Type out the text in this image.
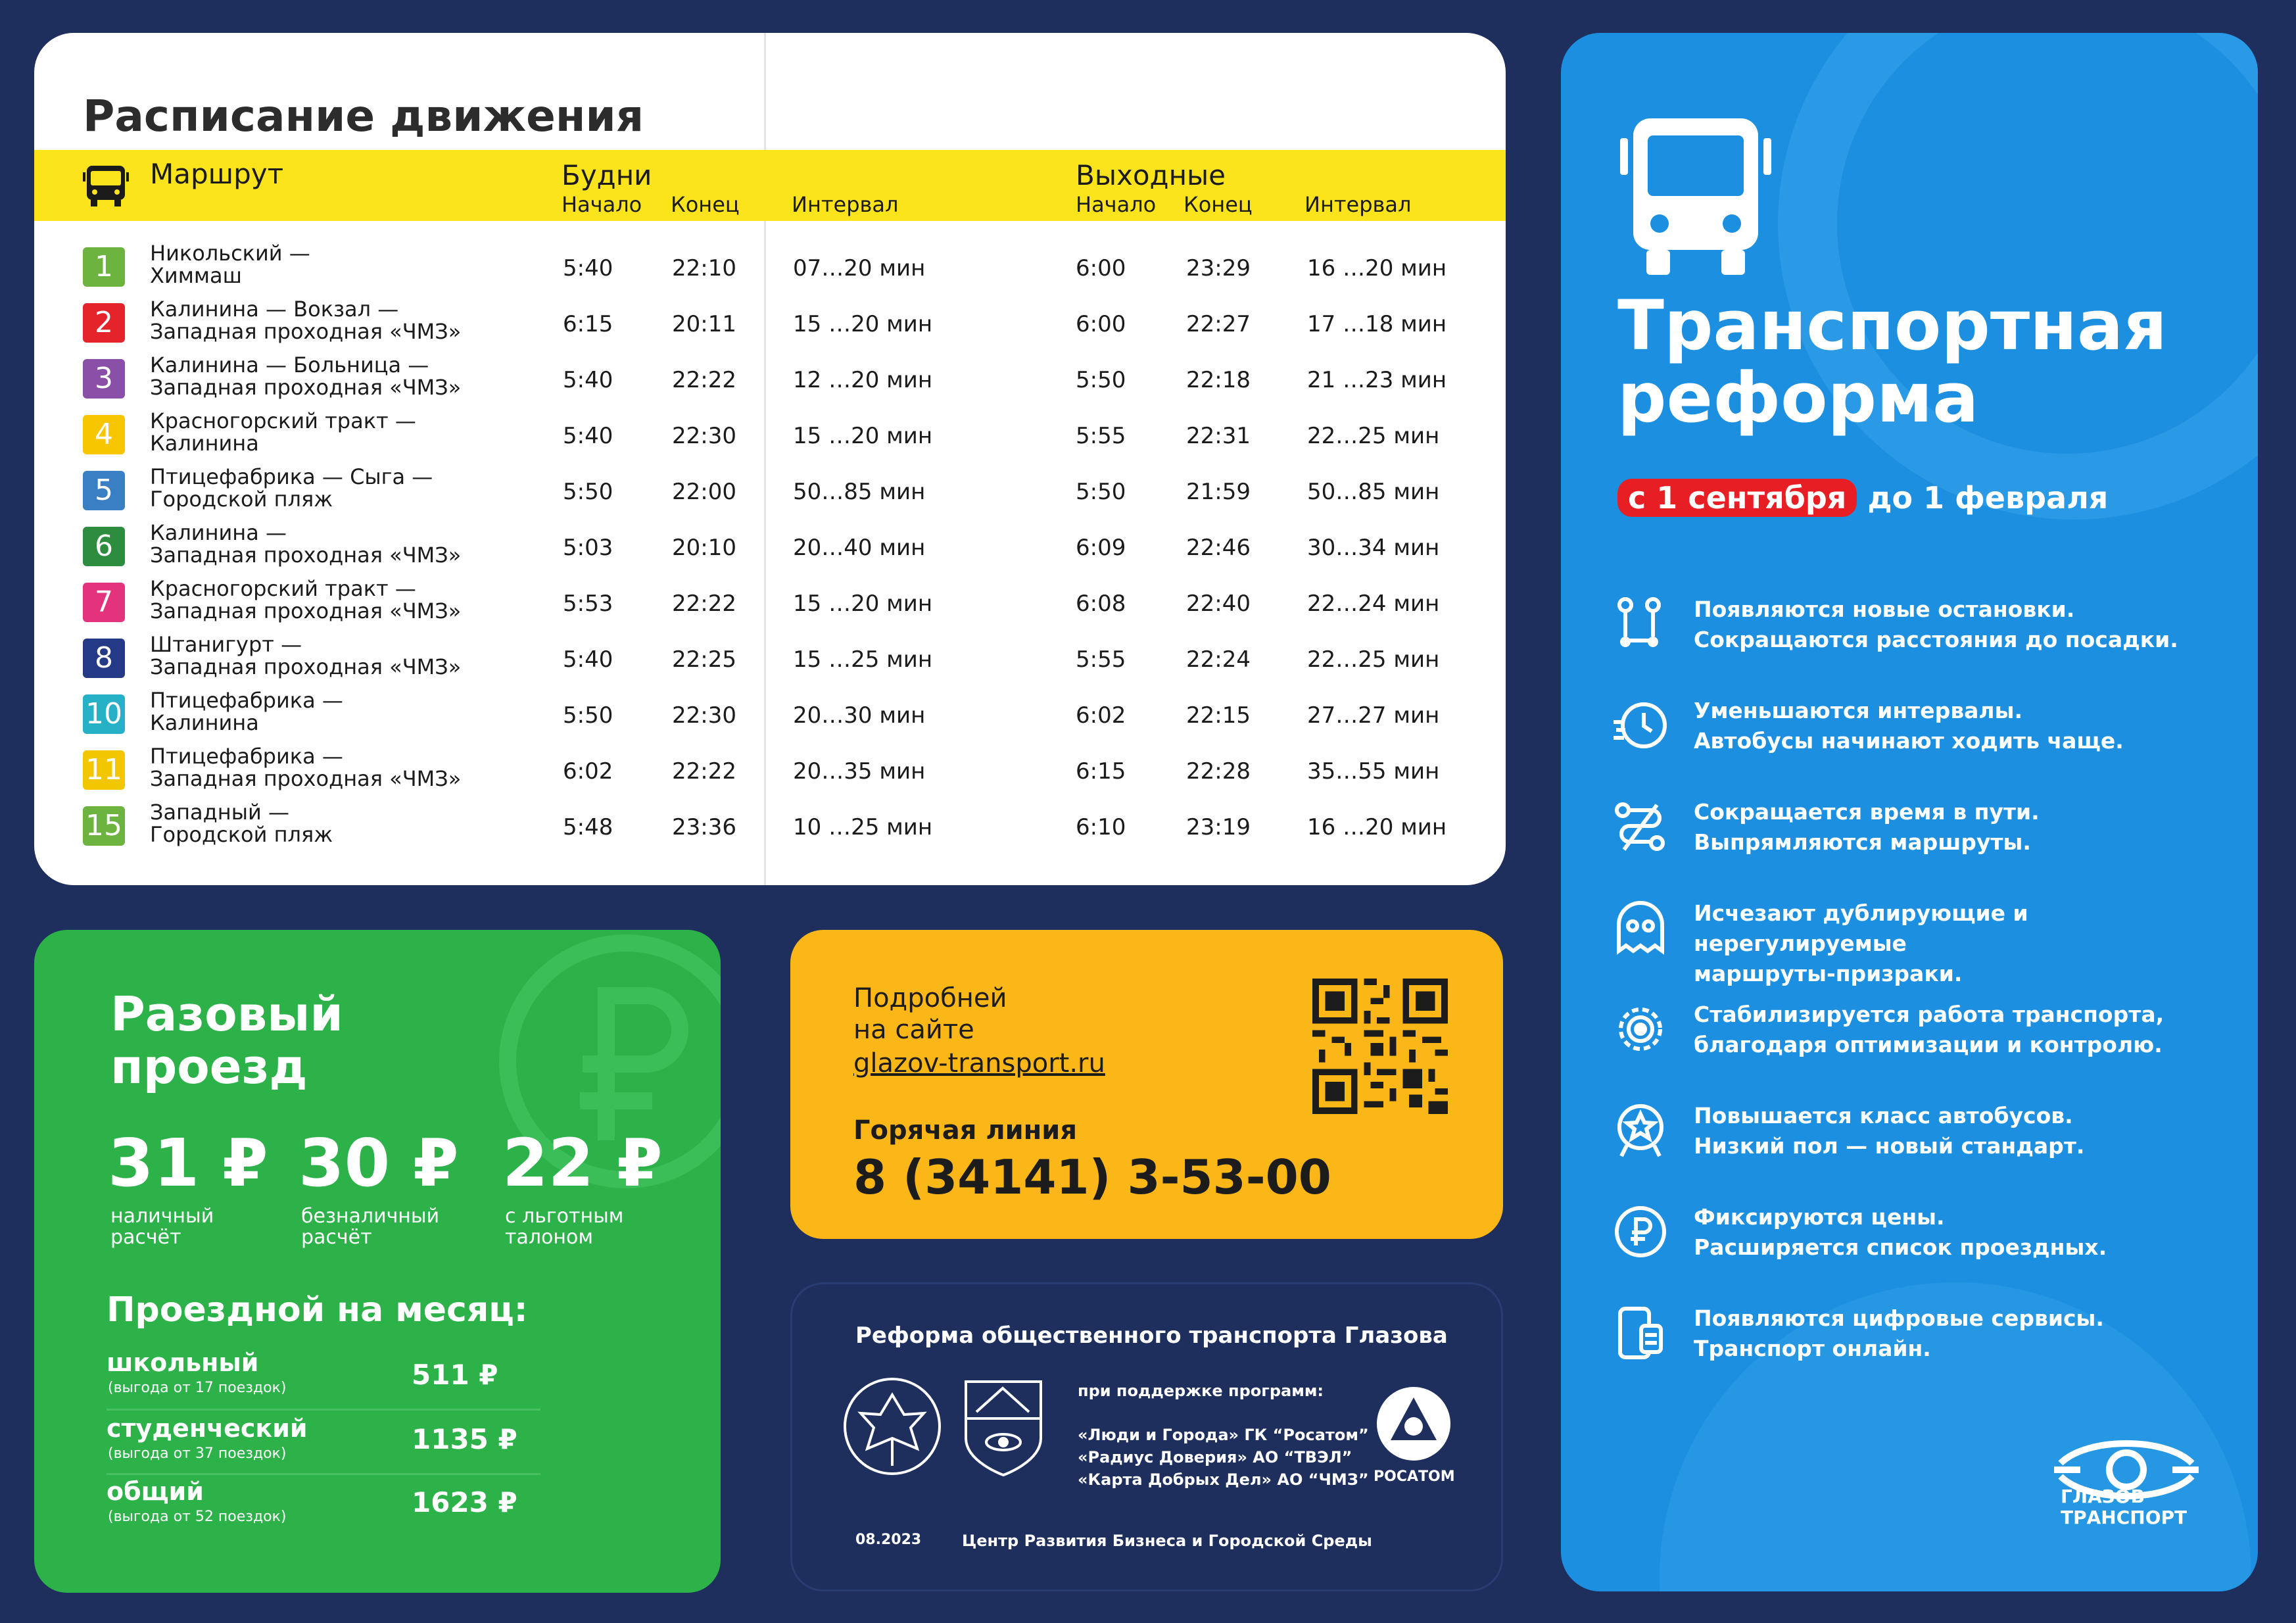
Расписание движения
Маршрут	Будни
Начало Конец Интервал
Выходные
Начало Конец Интервал
1	Никольский —
Химмаш	5:40	22:10	07…20 мин	6:00	23:29	16 …20 мин
2	Калинина — Вокзал —
Западная проходная «ЧМЗ»	6:15	20:11	15 …20 мин	6:00	22:27	17 …18 мин
3	Калинина — Больница —
Западная проходная «ЧМЗ»	5:40	22:22	12 …20 мин	5:50	22:18	21 …23 мин
4	Красногорский тракт —
Калинина	5:40	22:30	15 …20 мин	5:55	22:31	22…25 мин
5	Птицефабрика — Сыга —
Городской пляж	5:50	22:00	50…85 мин	5:50	21:59	50…85 мин
6	Калинина —
Западная проходная «ЧМЗ»	5:03	20:10	20…40 мин	6:09	22:46	30…34 мин
7	Красногорский тракт —
Западная проходная «ЧМЗ»	5:53	22:22	15 …20 мин	6:08	22:40	22…24 мин
8	Штанигурт —
Западная проходная «ЧМЗ»	5:40	22:25	15 …25 мин	5:55	22:24	22…25 мин
10 Птицефабрика —
Калинина	5:50	22:30	20…30 мин	6:02	22:15	27…27 мин
11 Птицефабрика —
Западная проходная «ЧМЗ»	6:02	22:22	20…35 мин	6:15	22:28	35…55 мин
15 Западный —
Городской пляж	5:48	23:36	10 …25 мин	6:10	23:19	16 …20 мин
Транспортная
реформа
с 1 сентября до 1 февраля
Появляются новые остановки.
Сокращаются расстояния до посадки.
Уменьшаются интервалы.
Автобусы начинают ходить чаще.
Сокращается время в пути.
Выпрямляются маршруты.
Исчезают дублирующие и нерегулируемые
маршруты-призраки.
Стабилизируется работа транспорта,
благодаря оптимизации и контролю.
Повышается класс автобусов.
Низкий пол — новый стандарт.
Фиксируются цены.
Расширяется список проездных.
Появляются цифровые сервисы.
Транспорт онлайн.
ГЛАЗОВ
ТРАНСПОРТ
Разовый
проезд
31 ₽
наличный
расчёт
30 ₽
безналичный
расчёт
22 ₽
с льготным
талоном
Проездной на месяц:
школьный
(выгода от 17 поездок)	511 ₽
студенческий
(выгода от 37 поездок)	1135 ₽
общий
(выгода от 52 поездок)	1623 ₽
Подробней
на сайте
glazov-transport.ru
Горячая линия
8 (34141) 3-53-00
Реформа общественного транспорта Глазова
при поддержке программ:
«Люди и Города» ГК “Росатом”
«Радиус Доверия» АО “ТВЭЛ”
«Карта Добрых Дел» АО “ЧМЗ” РОСАТОМ
08.2023	Центр Развития Бизнеса и Городской Среды
